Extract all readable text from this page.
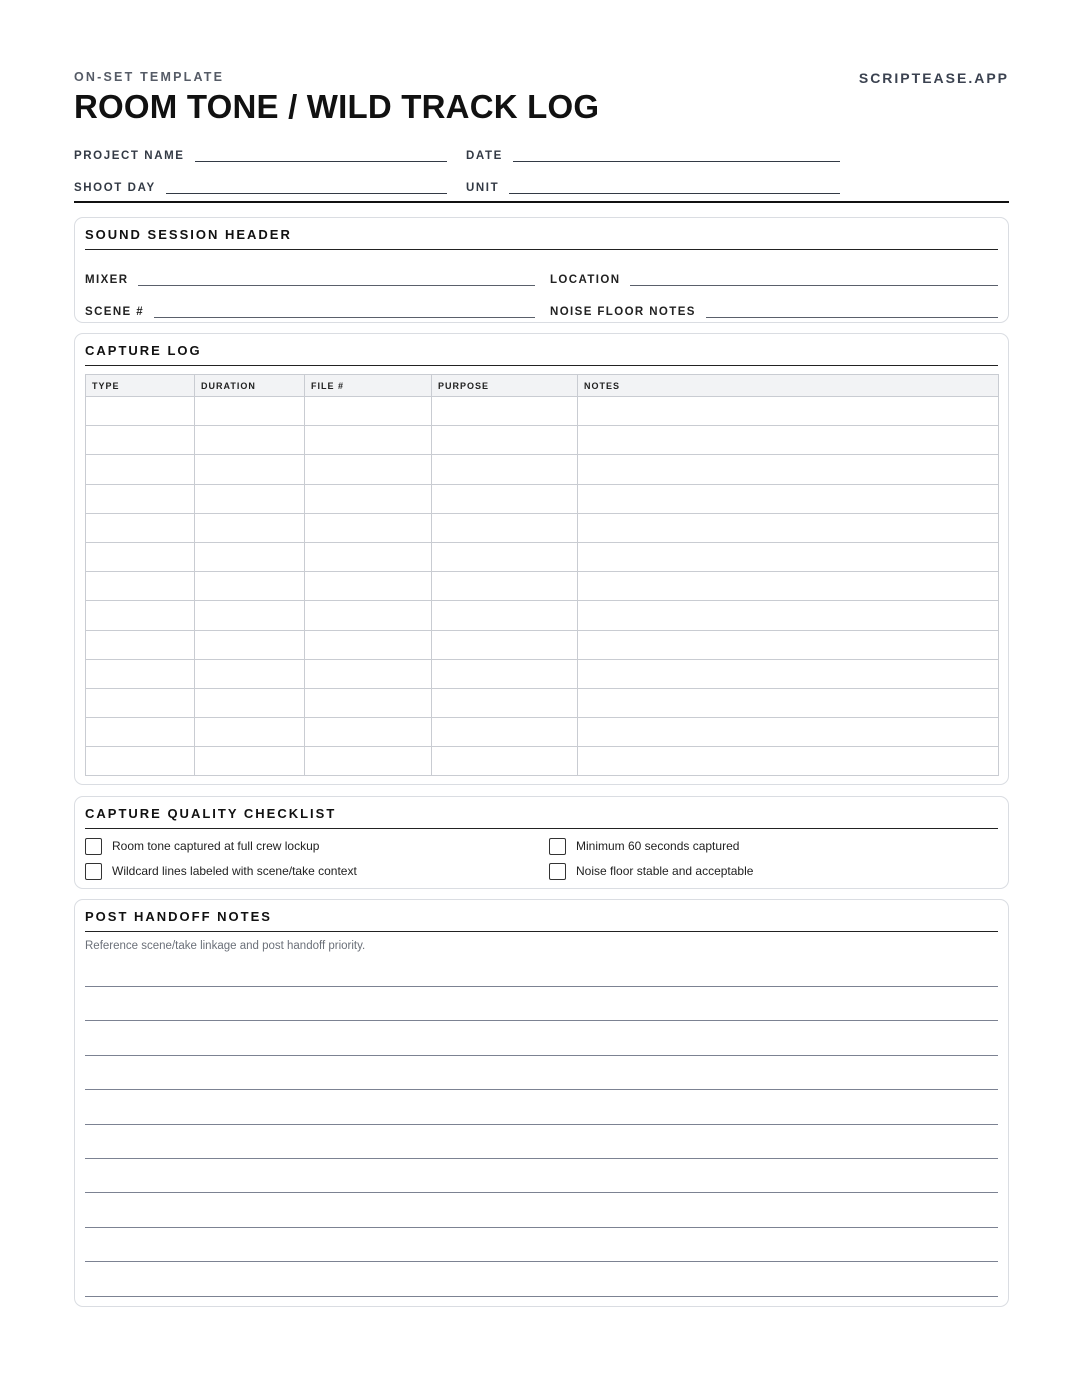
ON-SET TEMPLATE	SCRIPTEASE.APP
ROOM TONE / WILD TRACK LOG
PROJECT NAME	DATE
SHOOT DAY	UNIT
SOUND SESSION HEADER
MIXER	LOCATION
SCENE #	NOISE FLOOR NOTES
CAPTURE LOG
TYPE	DURATION	FILE #	PURPOSE	NOTES

CAPTURE QUALITY CHECKLIST
Room tone captured at full crew lockup	Minimum 60 seconds captured
Wildcard lines labeled with scene/take context	Noise floor stable and acceptable
POST HANDOFF NOTES
Reference scene/take linkage and post handoff priority.
